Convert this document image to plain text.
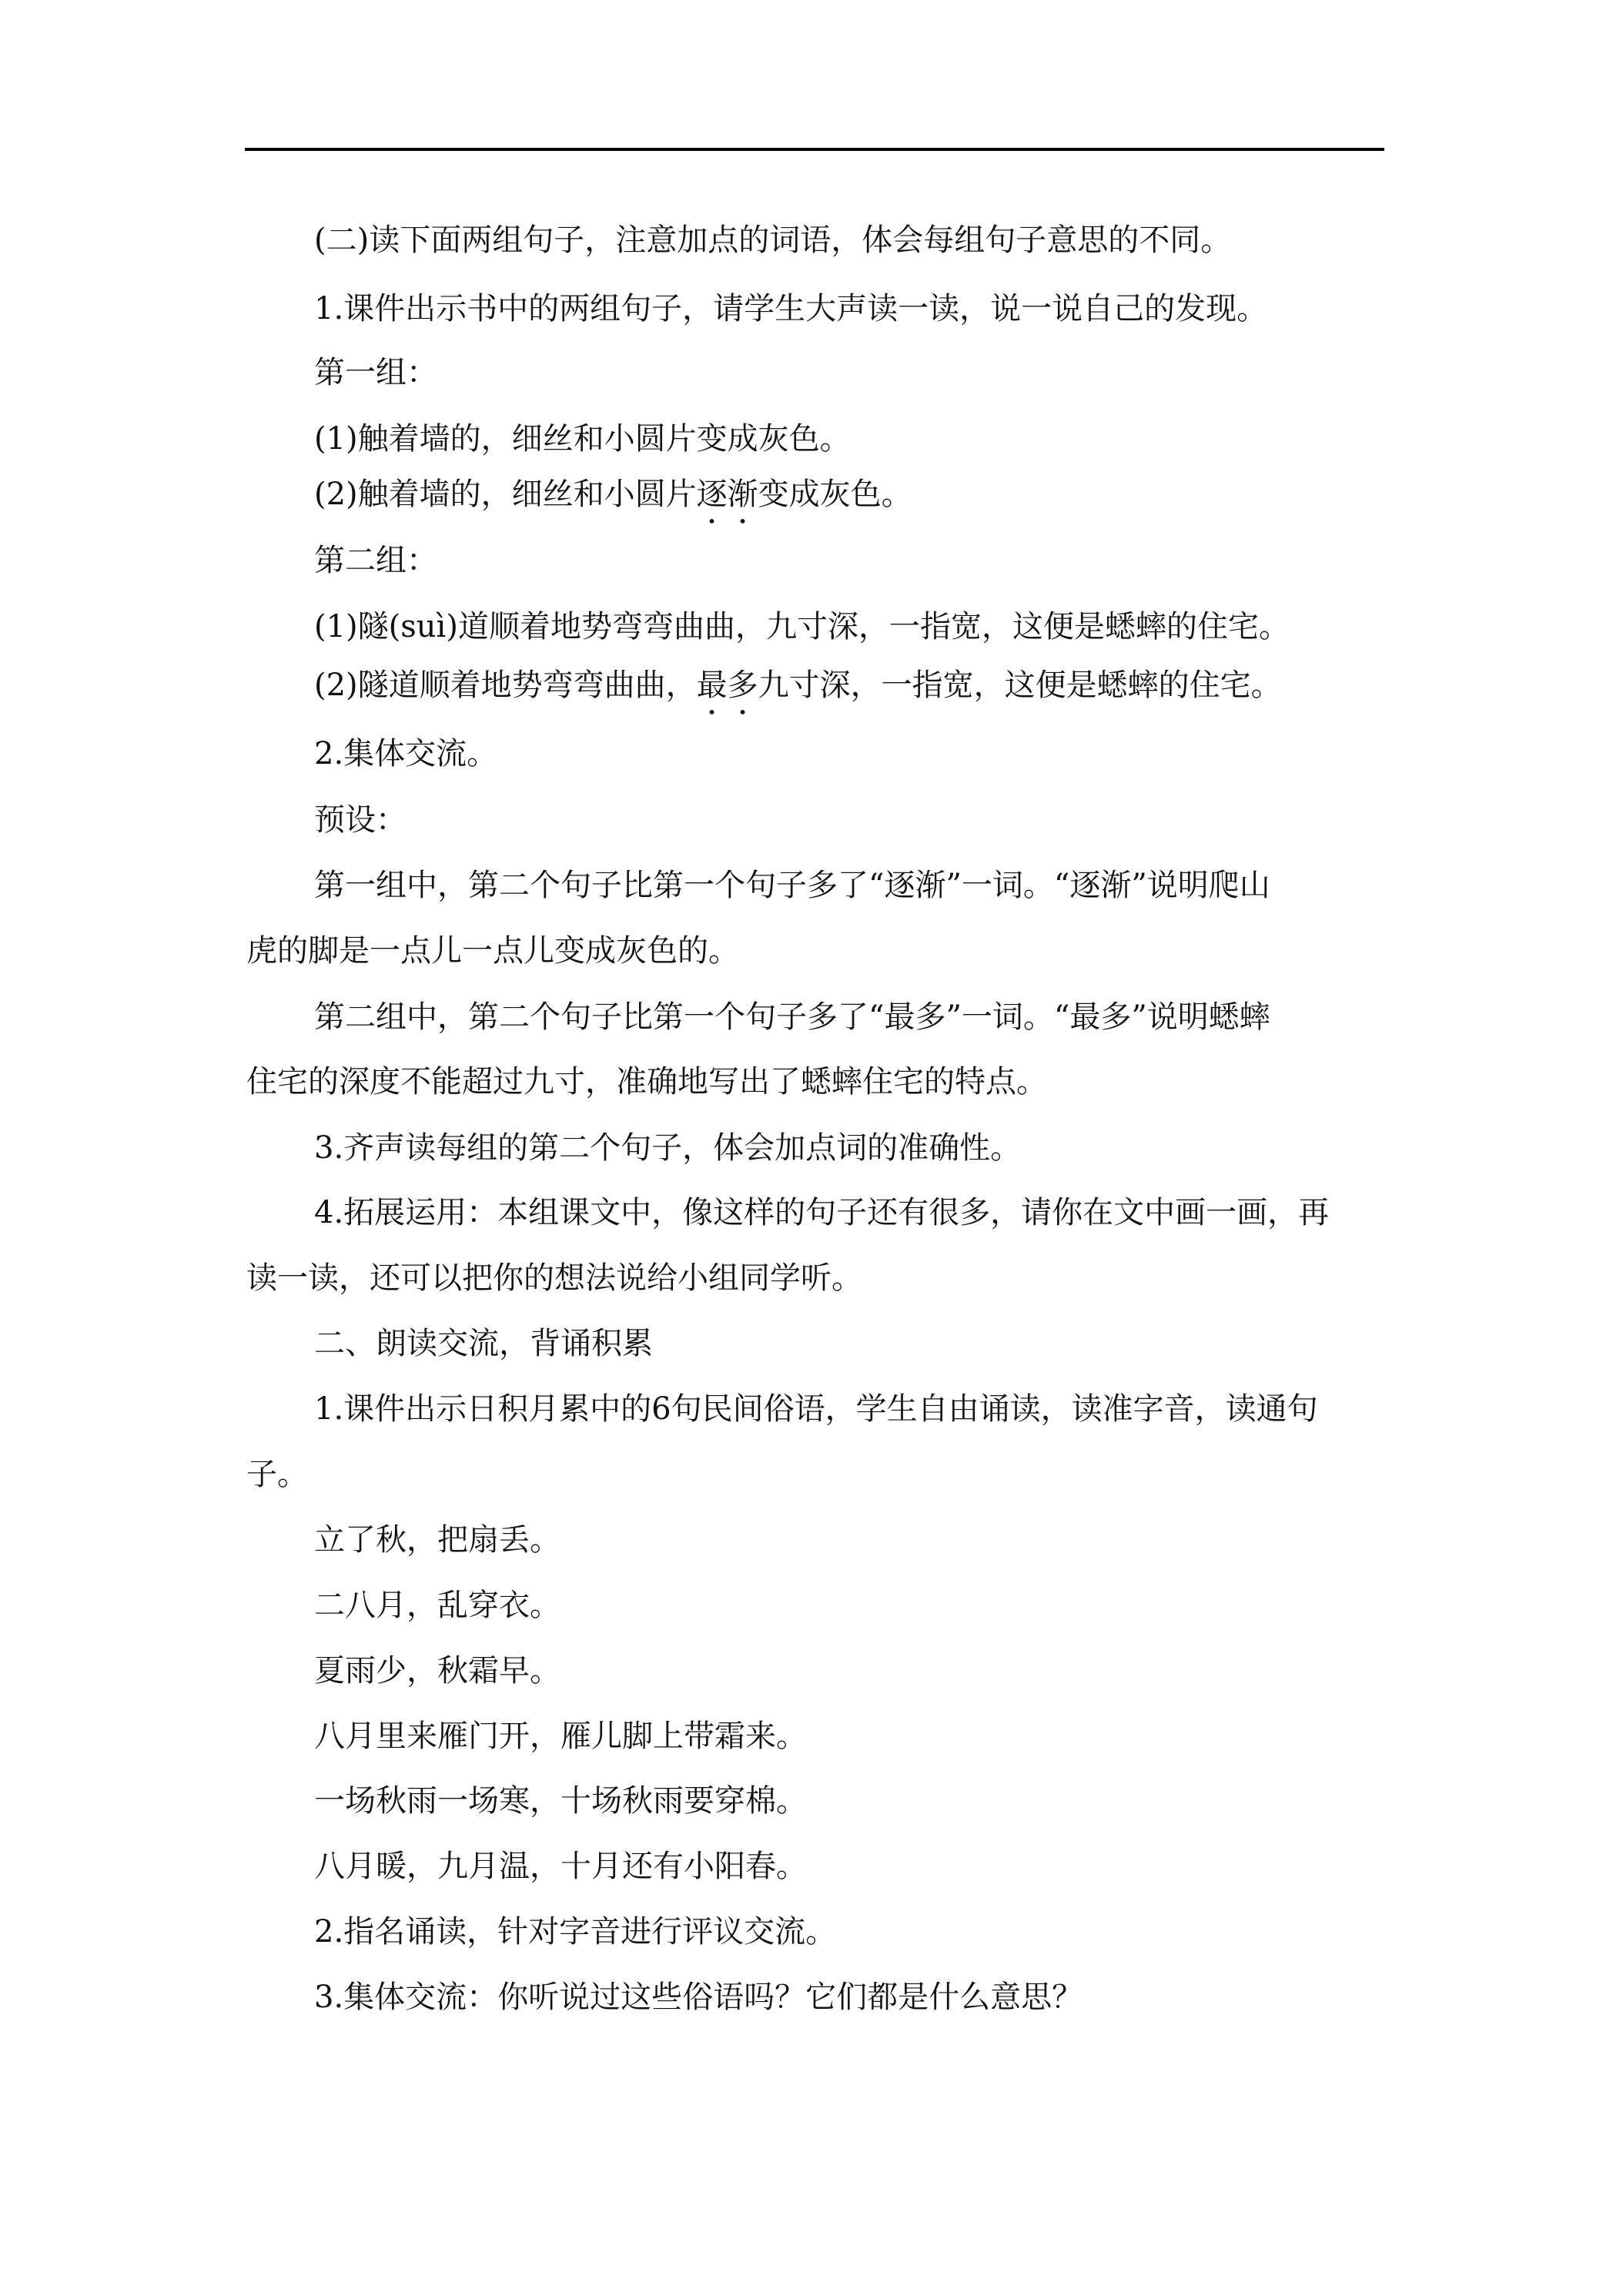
(二)读下面两组句子，注意加点的词语，体会每组句子意思的不同。
1.课件出示书中的两组句子，请学生大声读一读，说一说自己的发现。
第一组：
(1)触着墙的，细丝和小圆片变成灰色。
(2)触着墙的，细丝和小圆片逐渐变成灰色。
第二组：
(1)隧(suì)道顺着地势弯弯曲曲，九寸深，一指宽，这便是蟋蟀的住宅。
(2)隧道顺着地势弯弯曲曲，最多九寸深，一指宽，这便是蟋蟀的住宅。
2.集体交流。
预设：
第一组中，第二个句子比第一个句子多了“逐渐”一词。“逐渐”说明爬山
虎的脚是一点儿一点儿变成灰色的。
第二组中，第二个句子比第一个句子多了“最多”一词。“最多”说明蟋蟀
住宅的深度不能超过九寸，准确地写出了蟋蟀住宅的特点。
3.齐声读每组的第二个句子，体会加点词的准确性。
4.拓展运用：本组课文中，像这样的句子还有很多，请你在文中画一画，再
读一读，还可以把你的想法说给小组同学听。
二、朗读交流，背诵积累
1.课件出示日积月累中的6句民间俗语，学生自由诵读，读准字音，读通句
子。
立了秋，把扇丢。
二八月，乱穿衣。
夏雨少，秋霜早。
八月里来雁门开，雁儿脚上带霜来。
一场秋雨一场寒，十场秋雨要穿棉。
八月暖，九月温，十月还有小阳春。
2.指名诵读，针对字音进行评议交流。
3.集体交流：你听说过这些俗语吗？它们都是什么意思？
